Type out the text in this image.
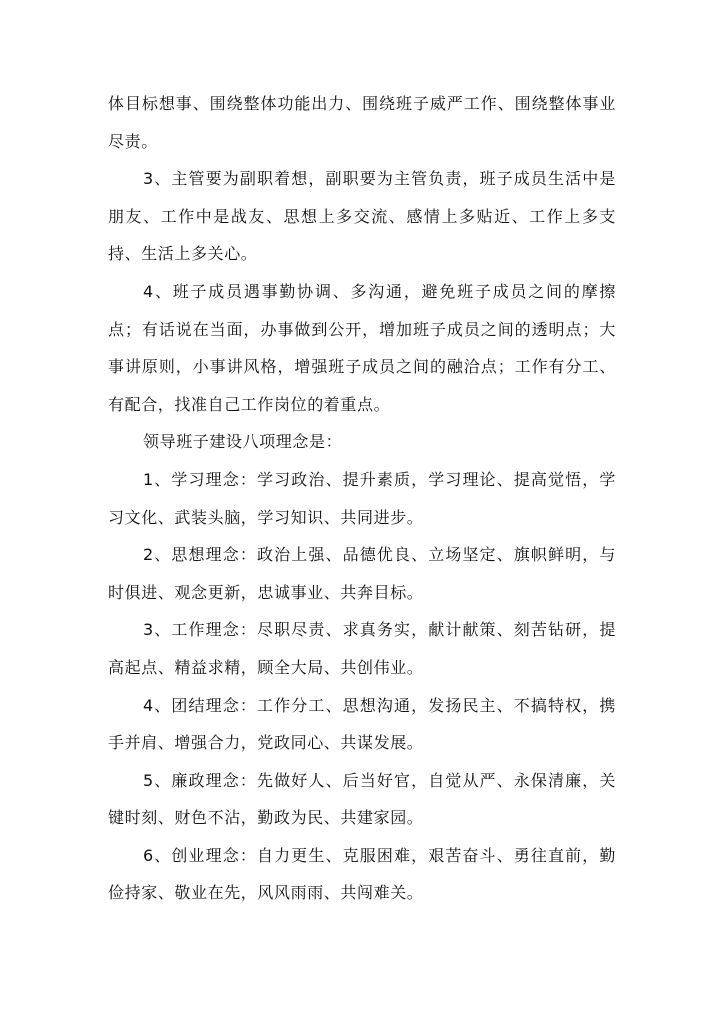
体目标想事、围绕整体功能出力、围绕班子威严工作、围绕整体事业尽责。

3、主管要为副职着想，副职要为主管负责，班子成员生活中是朋友、工作中是战友、思想上多交流、感情上多贴近、工作上多支持、生活上多关心。

4、班子成员遇事勤协调、多沟通，避免班子成员之间的摩擦点；有话说在当面，办事做到公开，增加班子成员之间的透明点；大事讲原则，小事讲风格，增强班子成员之间的融洽点；工作有分工、有配合，找准自己工作岗位的着重点。

领导班子建设八项理念是：

1、学习理念：学习政治、提升素质，学习理论、提高觉悟，学习文化、武装头脑，学习知识、共同进步。

2、思想理念：政治上强、品德优良、立场坚定、旗帜鲜明，与时俱进、观念更新，忠诚事业、共奔目标。

3、工作理念：尽职尽责、求真务实，献计献策、刻苦钻研，提高起点、精益求精，顾全大局、共创伟业。

4、团结理念：工作分工、思想沟通，发扬民主、不搞特权，携手并肩、增强合力，党政同心、共谋发展。

5、廉政理念：先做好人、后当好官，自觉从严、永保清廉，关键时刻、财色不沾，勤政为民、共建家园。

6、创业理念：自力更生、克服困难，艰苦奋斗、勇往直前，勤俭持家、敬业在先，风风雨雨、共闯难关。
